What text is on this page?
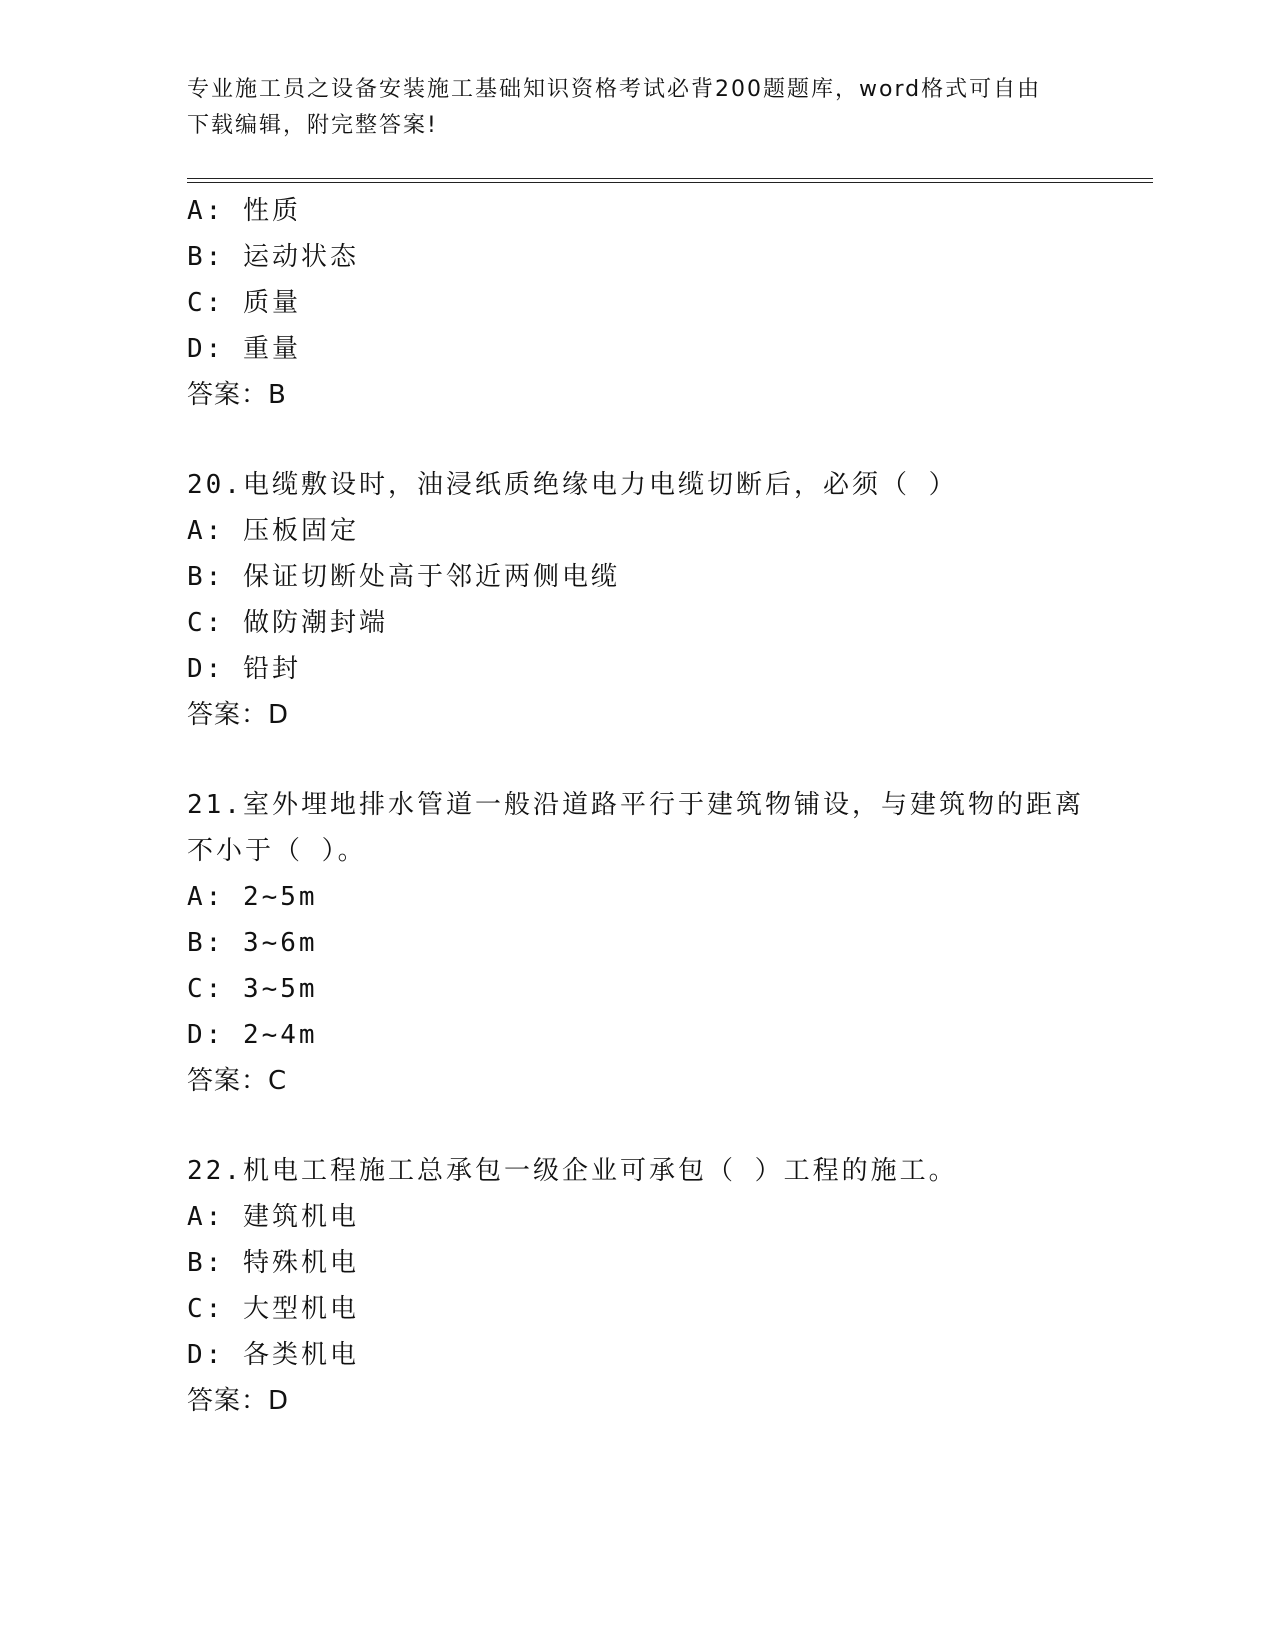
专业施工员之设备安装施工基础知识资格考试必背200题题库，word格式可自由
下载编辑，附完整答案!
A: 性质
B: 运动状态
C: 质量
D: 重量
答案：B
20.电缆敷设时，油浸纸质绝缘电力电缆切断后，必须（ ）
A: 压板固定
B: 保证切断处高于邻近两侧电缆
C: 做防潮封端
D: 铅封
答案：D
21.室外埋地排水管道一般沿道路平行于建筑物铺设，与建筑物的距离
不小于（ ）。
A: 2~5m
B: 3~6m
C: 3~5m
D: 2~4m
答案：C
22.机电工程施工总承包一级企业可承包（ ）工程的施工。
A: 建筑机电
B: 特殊机电
C: 大型机电
D: 各类机电
答案：D
